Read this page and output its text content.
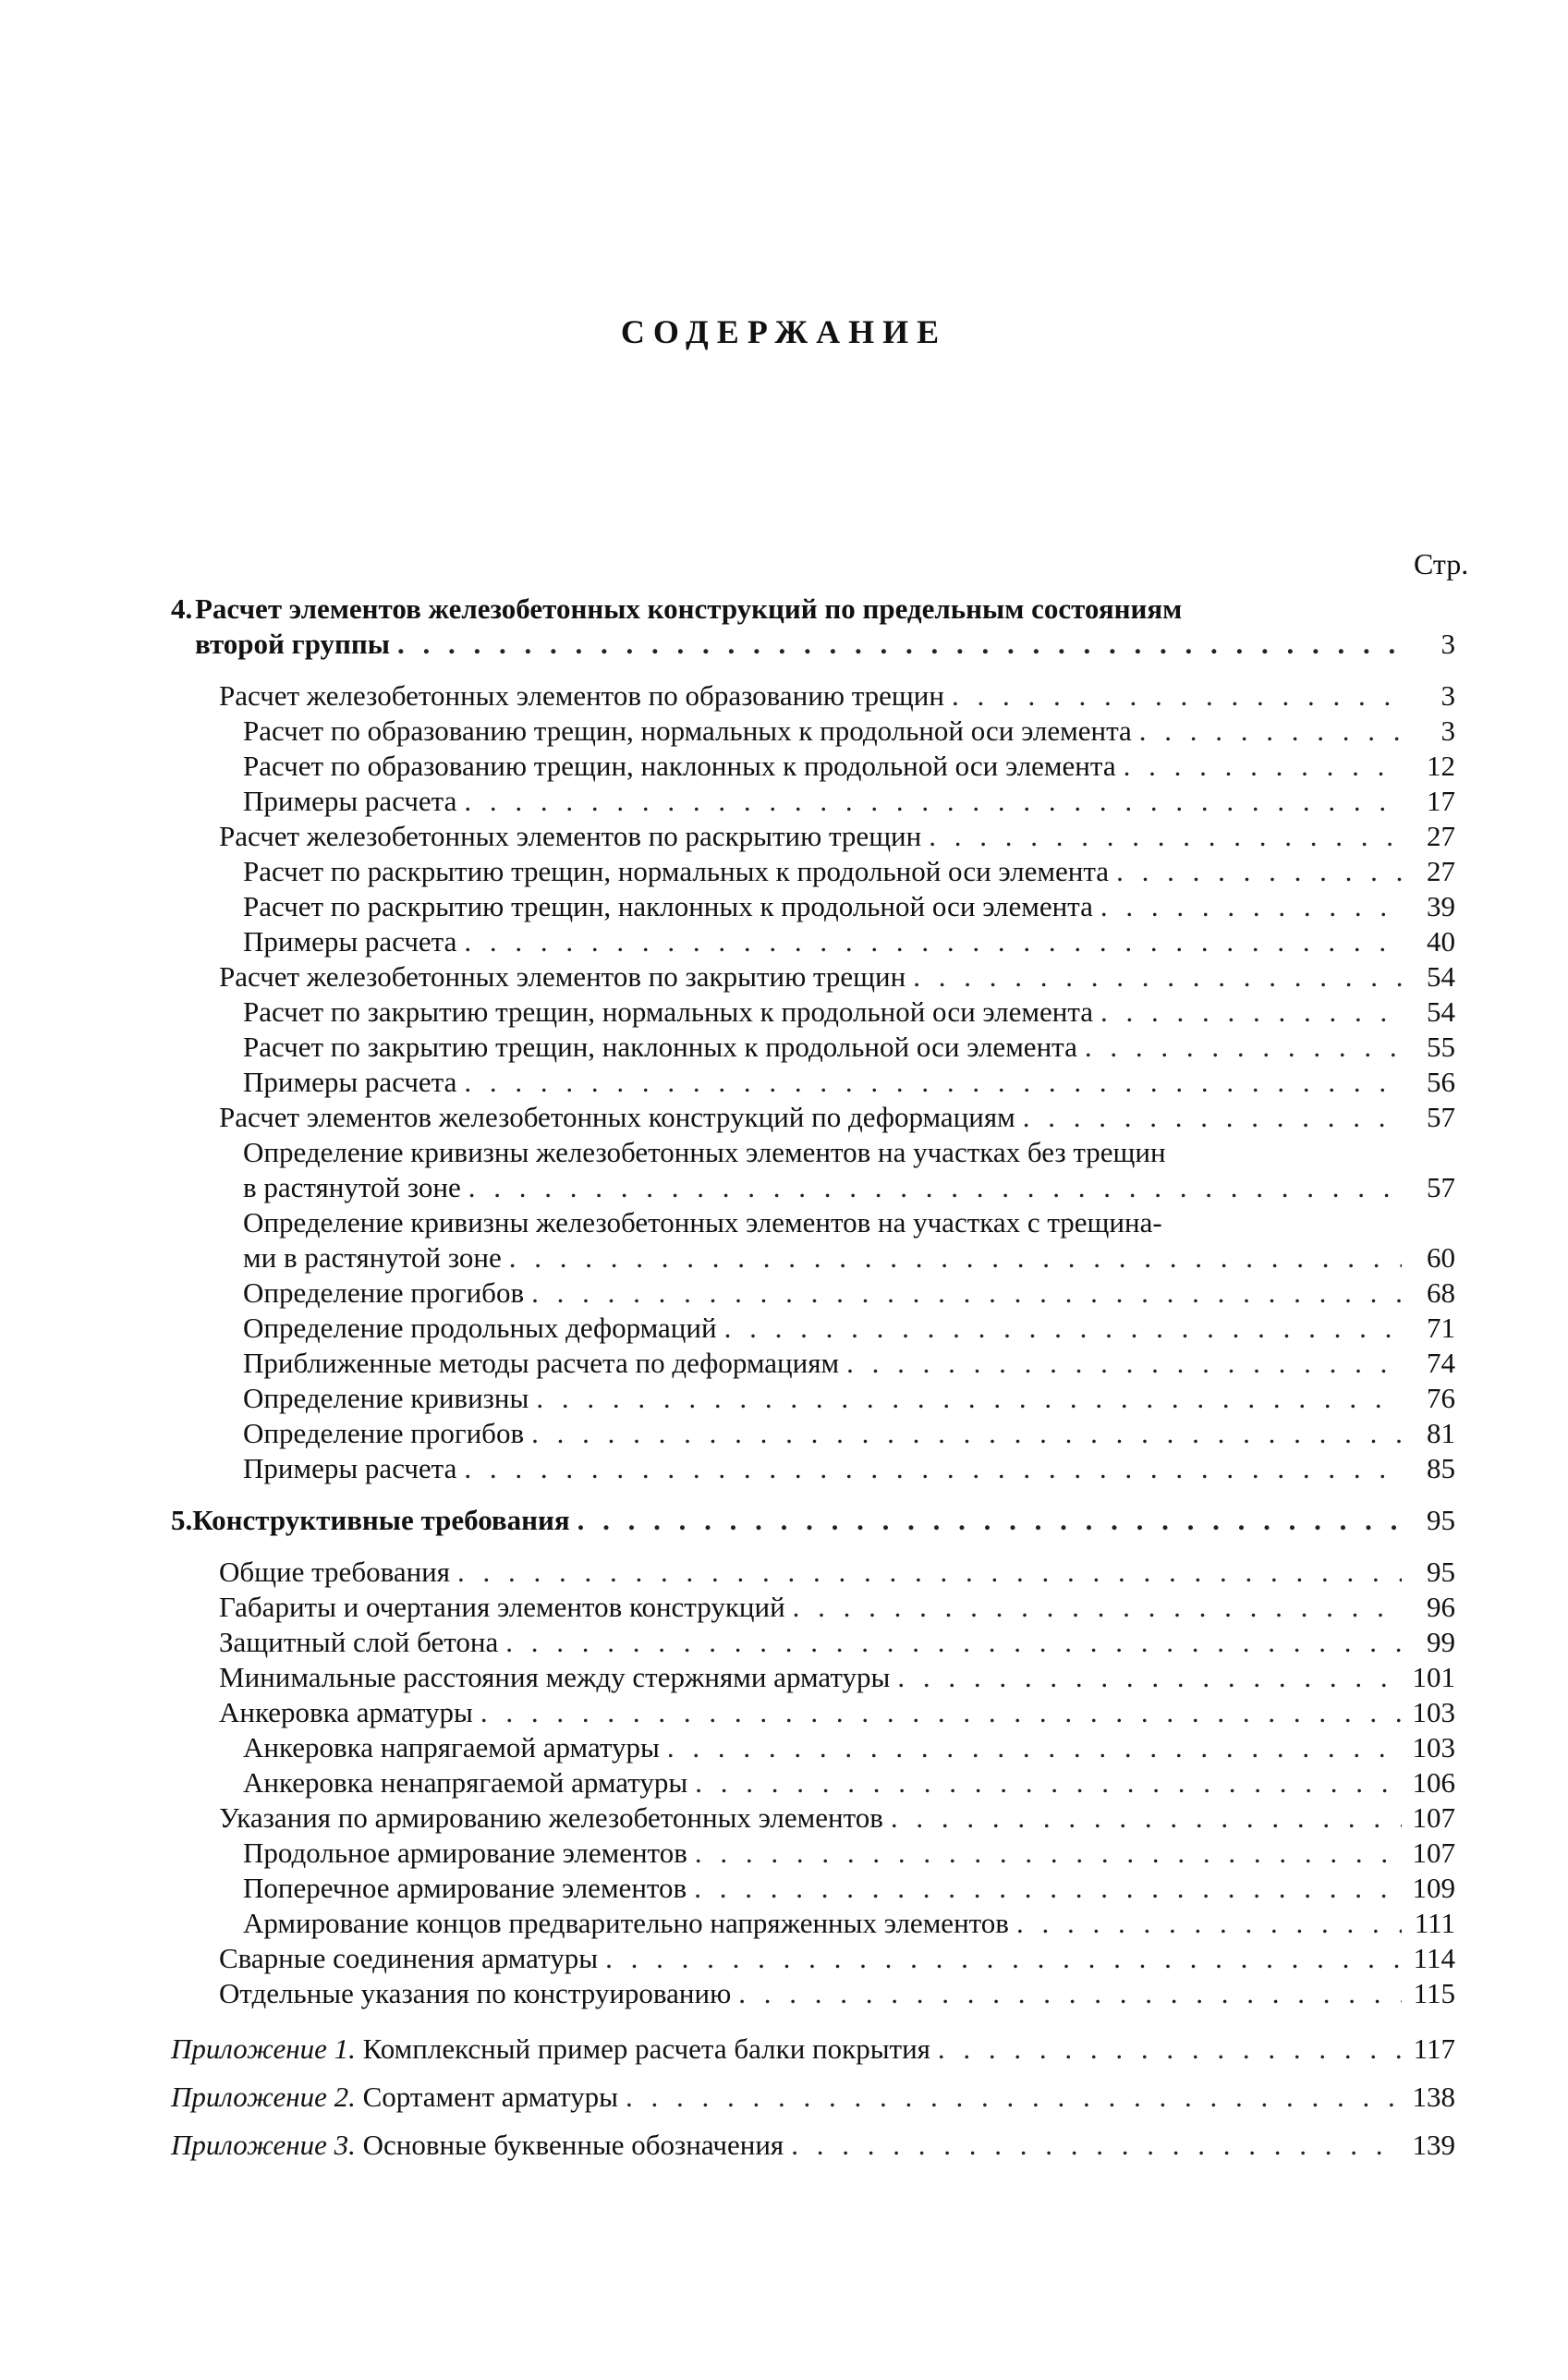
СОДЕРЖАНИЕ
Стр.
4. Расчет элементов железобетонных конструкций по предельным состояниям
второй группы . . .	3
Расчет железобетонных элементов по образованию трещин . . .	3
Расчет по образованию трещин, нормальных к продольной оси элемента . . .	3
Расчет по образованию трещин, наклонных к продольной оси элемента . . .	12
Примеры расчета . . .	17
Расчет железобетонных элементов по раскрытию трещин . . .	27
Расчет по раскрытию трещин, нормальных к продольной оси элемента . . .	27
Расчет по раскрытию трещин, наклонных к продольной оси элемента . . .	39
Примеры расчета . . .	40
Расчет железобетонных элементов по закрытию трещин . . .	54
Расчет по закрытию трещин, нормальных к продольной оси элемента . . .	54
Расчет по закрытию трещин, наклонных к продольной оси элемента . . .	55
Примеры расчета . . .	56
Расчет элементов железобетонных конструкций по деформациям . . .	57
Определение кривизны железобетонных элементов на участках без трещин
в растянутой зоне . . .	57
Определение кривизны железобетонных элементов на участках с трещина-
ми в растянутой зоне . . .	60
Определение прогибов . . .	68
Определение продольных деформаций . . .	71
Приближенные методы расчета по деформациям . . .	74
Определение кривизны . . .	76
Определение прогибов . . .	81
Примеры расчета . . .	85
5. Конструктивные требования . . .	95
Общие требования . . .	95
Габариты и очертания элементов конструкций . . .	96
Защитный слой бетона . . .	99
Минимальные расстояния между стержнями арматуры . . .	101
Анкеровка арматуры . . .	103
Анкеровка напрягаемой арматуры . . .	103
Анкеровка ненапрягаемой арматуры . . .	106
Указания по армированию железобетонных элементов . . .	107
Продольное армирование элементов . . .	107
Поперечное армирование элементов . . .	109
Армирование концов предварительно напряженных элементов . . .	111
Сварные соединения арматуры . . .	114
Отдельные указания по конструированию . . .	115
Приложение 1. Комплексный пример расчета балки покрытия . . .	117
Приложение 2. Сортамент арматуры . . .	138
Приложение 3. Основные буквенные обозначения . . .	139
